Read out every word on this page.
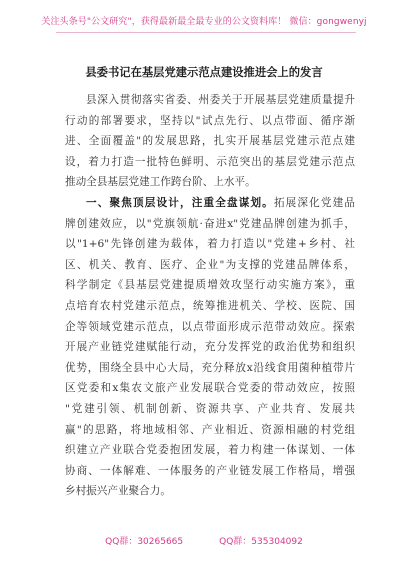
关注头条号"公文研究"，获得最新最全最专业的公文资料库！ 微信：gongwenyj
县委书记在基层党建示范点建设推进会上的发言
县深入贯彻落实省委、州委关于开展基层党建质量提升
行动的部署要求，坚持以"试点先行、以点带面、循序渐
进、全面覆盖"的发展思路，扎实开展基层党建示范点建
设，着力打造一批特色鲜明、示范突出的基层党建示范点
推动全县基层党建工作跨台阶、上水平。
一、聚焦顶层设计，注重全盘谋划。拓展深化党建品
牌创建效应，以"党旗领航·奋进x"党建品牌创建为抓手，
以"1+6"先锋创建为载体，着力打造以"党建+乡村、社
区、机关、教育、医疗、企业"为支撑的党建品牌体系，
科学制定《县基层党建提质增效攻坚行动实施方案》，重
点培育农村党建示范点，统筹推进机关、学校、医院、国
企等领域党建示范点，以点带面形成示范带动效应。探索
开展产业链党建赋能行动，充分发挥党的政治优势和组织
优势，围绕全县中心大局，充分释放x沿线食用菌种植带片
区党委和x集农文旅产业发展联合党委的带动效应，按照
"党建引领、机制创新、资源共享、产业共育、发展共
赢"的思路，将地域相邻、产业相近、资源相融的村党组
织建立产业联合党委抱团发展，着力构建一体谋划、一体
协商、一体解难、一体服务的产业链发展工作格局，增强
乡村振兴产业聚合力。
QQ群：30265665	QQ群：535304092
